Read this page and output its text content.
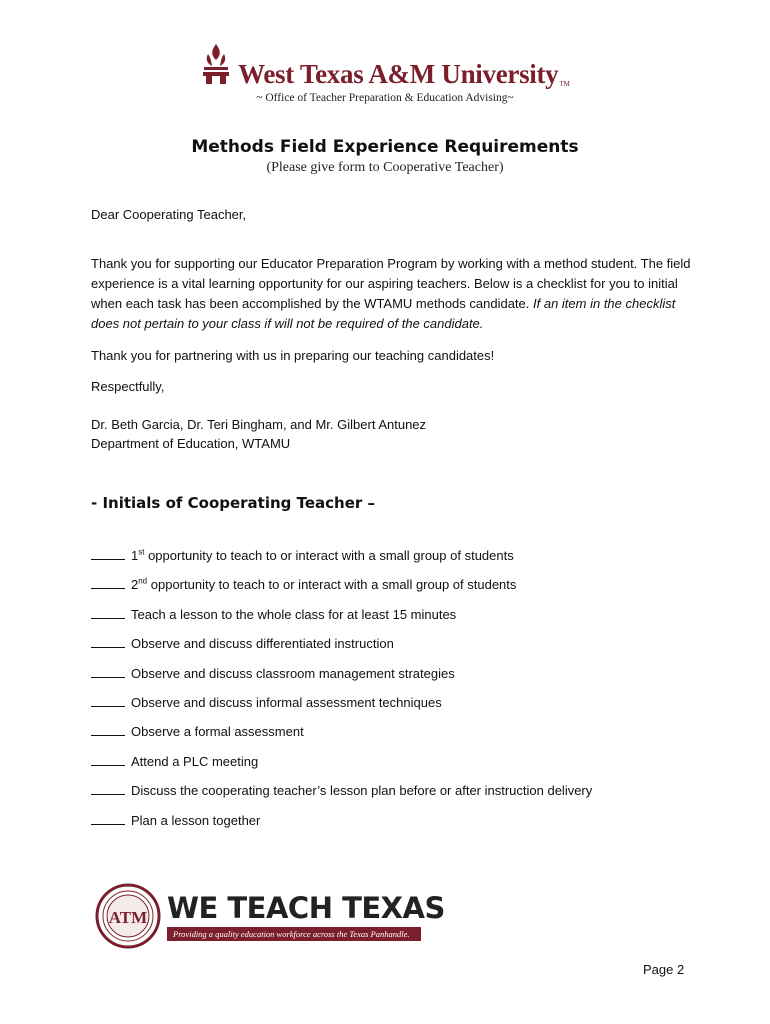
West Texas A&M University TM
~ Office of Teacher Preparation & Education Advising~
Methods Field Experience Requirements
(Please give form to Cooperative Teacher)
Dear Cooperating Teacher,
Thank you for supporting our Educator Preparation Program by working with a method student. The field experience is a vital learning opportunity for our aspiring teachers. Below is a checklist for you to initial when each task has been accomplished by the WTAMU methods candidate. If an item in the checklist does not pertain to your class if will not be required of the candidate.
Thank you for partnering with us in preparing our teaching candidates!
Respectfully,
Dr. Beth Garcia, Dr. Teri Bingham, and Mr. Gilbert Antunez
Department of Education, WTAMU
- Initials of Cooperating Teacher –
1st opportunity to teach to or interact with a small group of students
2nd opportunity to teach to or interact with a small group of students
Teach a lesson to the whole class for at least 15 minutes
Observe and discuss differentiated instruction
Observe and discuss classroom management strategies
Observe and discuss informal assessment techniques
Observe a formal assessment
Attend a PLC meeting
Discuss the cooperating teacher’s lesson plan before or after instruction delivery
Plan a lesson together
ATM WE TEACH TEXAS
Providing a quality education workforce across the Texas Panhandle.
Page 2
